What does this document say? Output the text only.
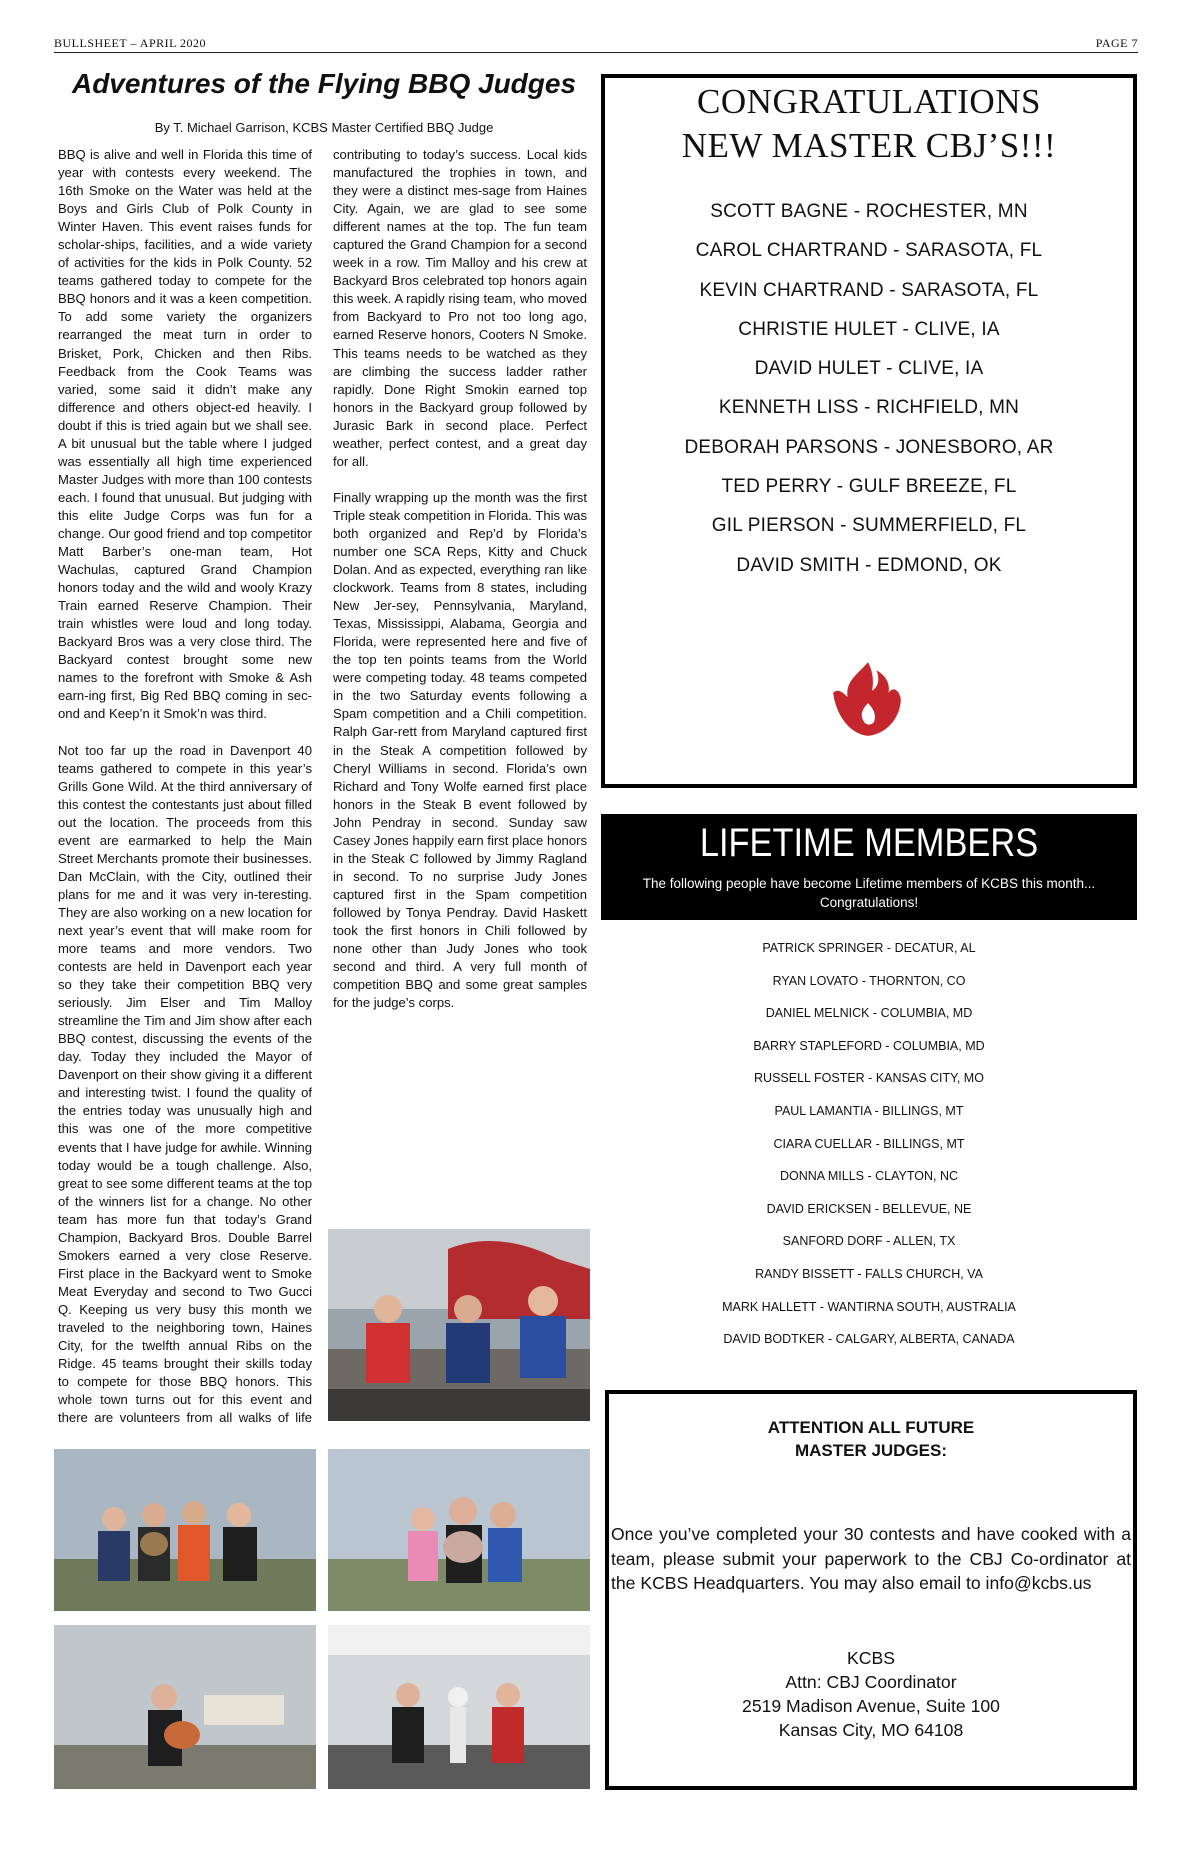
BULLSHEET – APRIL 2020	PAGE 7
Adventures of the Flying BBQ Judges
By T. Michael Garrison, KCBS Master Certified BBQ Judge

BBQ is alive and well in Florida this time of year with contests every weekend. The 16th Smoke on the Water was held at the Boys and Girls Club of Polk County in Winter Haven. This event raises funds for scholar-ships, facilities, and a wide variety of activities for the kids in Polk County. 52 teams gathered today to compete for the BBQ honors and it was a keen competition. To add some variety the organizers rearranged the meat turn in order to Brisket, Pork, Chicken and then Ribs. Feedback from the Cook Teams was varied, some said it didn’t make any difference and others object-ed heavily. I doubt if this is tried again but we shall see. A bit unusual but the table where I judged was essentially all high time experienced Master Judges with more than 100 contests each. I found that unusual. But judging with this elite Judge Corps was fun for a change. Our good friend and top competitor Matt Barber’s one-man team, Hot Wachulas, captured Grand Champion honors today and the wild and wooly Krazy Train earned Reserve Champion. Their train whistles were loud and long today. Backyard Bros was a very close third. The Backyard contest brought some new names to the forefront with Smoke & Ash earn-ing first, Big Red BBQ coming in sec-ond and Keep’n it Smok’n was third.

Not too far up the road in Davenport 40 teams gathered to compete in this year’s Grills Gone Wild. At the third anniversary of this contest the contestants just about filled out the location. The proceeds from this event are earmarked to help the Main Street Merchants promote their businesses. Dan McClain, with the City, outlined their plans for me and it was very in-teresting. They are also working on a new location for next year’s event that will make room for more teams and more vendors. Two contests are held in Davenport each year so they take their competition BBQ very seriously. Jim Elser and Tim Malloy streamline the Tim and Jim show after each BBQ contest, discussing the events of the day. Today they included the Mayor of Davenport on their show giving it a different and interesting twist. I found the quality of the entries today was unusually high and this was one of the more competitive events that I have judge for awhile. Winning today would be a tough challenge. Also, great to see some different teams at the top of the winners list for a change. No other team has more fun that today’s Grand Champion, Backyard Bros. Double Barrel Smokers earned a very close Reserve. First place in the Backyard went to Smoke Meat Everyday and second to Two Gucci Q. Keeping us very busy this month we traveled to the neighboring town, Haines City, for the twelfth annual Ribs on the Ridge. 45 teams brought their skills today to compete for those BBQ honors. This whole town turns out for this event and there are volunteers from all walks of life contributing to today’s success. Local kids manufactured the trophies in town, and they were a distinct mes-sage from Haines City. Again, we are glad to see some different names at the top. The fun team captured the Grand Champion for a second week in a row. Tim Malloy and his crew at Backyard Bros celebrated top honors again this week. A rapidly rising team, who moved from Backyard to Pro not too long ago, earned Reserve honors, Cooters N Smoke. This teams needs to be watched as they are climbing the success ladder rather rapidly. Done Right Smokin earned top honors in the Backyard group followed by Jurasic Bark in second place. Perfect weather, perfect contest, and a great day for all.

Finally wrapping up the month was the first Triple steak competition in Florida. This was both organized and Rep’d by Florida’s number one SCA Reps, Kitty and Chuck Dolan. And as expected, everything ran like clockwork. Teams from 8 states, including New Jer-sey, Pennsylvania, Maryland, Texas, Mississippi, Alabama, Georgia and Florida, were represented here and five of the top ten points teams from the World were competing today. 48 teams competed in the two Saturday events following a Spam competition and a Chili competition. Ralph Gar-rett from Maryland captured first in the Steak A competition followed by Cheryl Williams in second. Florida’s own Richard and Tony Wolfe earned first place honors in the Steak B event followed by John Pendray in second. Sunday saw Casey Jones happily earn first place honors in the Steak C followed by Jimmy Ragland in second. To no surprise Judy Jones captured first in the Spam competition followed by Tonya Pendray. David Haskett took the first honors in Chili followed by none other than Judy Jones who took second and third. A very full month of competition BBQ and some great samples for the judge’s corps.

CONGRATULATIONS
NEW MASTER CBJ’S!!!
SCOTT BAGNE - ROCHESTER, MN
CAROL CHARTRAND - SARASOTA, FL
KEVIN CHARTRAND - SARASOTA, FL
CHRISTIE HULET - CLIVE, IA
DAVID HULET - CLIVE, IA
KENNETH LISS - RICHFIELD, MN
DEBORAH PARSONS - JONESBORO, AR
TED PERRY - GULF BREEZE, FL
GIL PIERSON - SUMMERFIELD, FL
DAVID SMITH - EDMOND, OK
LIFETIME MEMBERS
The following people have become Lifetime members of KCBS this month... Congratulations!
PATRICK SPRINGER - DECATUR, AL
RYAN LOVATO - THORNTON, CO
DANIEL MELNICK - COLUMBIA, MD
BARRY STAPLEFORD - COLUMBIA, MD
RUSSELL FOSTER - KANSAS CITY, MO
PAUL LAMANTIA - BILLINGS, MT
CIARA CUELLAR - BILLINGS, MT
DONNA MILLS - CLAYTON, NC
DAVID ERICKSEN - BELLEVUE, NE
SANFORD DORF - ALLEN, TX
RANDY BISSETT - FALLS CHURCH, VA
MARK HALLETT - WANTIRNA SOUTH, AUSTRALIA
DAVID BODTKER - CALGARY, ALBERTA, CANADA
ATTENTION ALL FUTURE
MASTER JUDGES:

Once you’ve completed your 30 contests and have cooked with a team, please submit your paperwork to the CBJ Co-ordinator at the KCBS Headquarters. You may also email to info@kcbs.us

KCBS
Attn: CBJ Coordinator
2519 Madison Avenue, Suite 100
Kansas City, MO 64108
